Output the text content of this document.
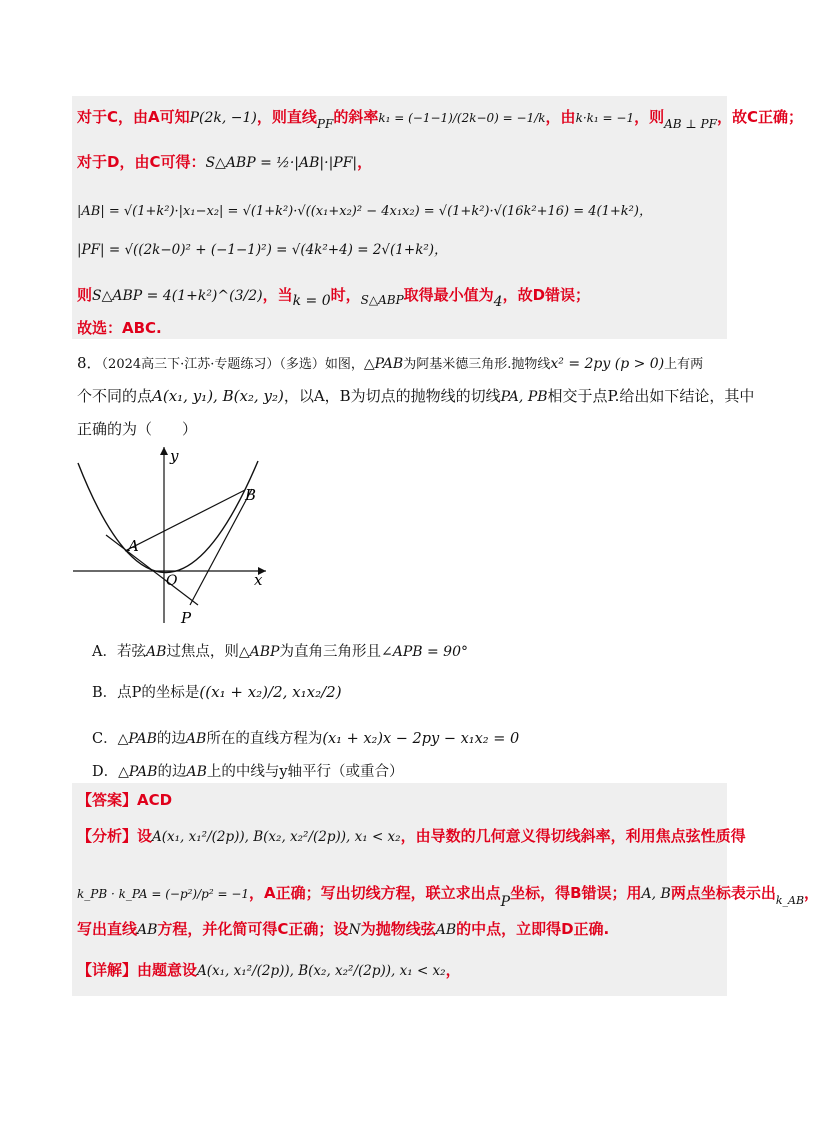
对于C，由A可知P(2k, −1)，则直线$_{PF}$的斜率k₁ = (−1−1)/(2k−0) = −1/k，由k·k₁ = −1，则$_{AB \perp PF}$，故C正确；
对于D，由C可得：S△ABP = ½·|AB|·|PF|，
|AB| = √(1+k²)·|x₁−x₂| = √(1+k²)·√((x₁+x₂)² − 4x₁x₂) = √(1+k²)·√(16k²+16) = 4(1+k²)，
|PF| = √((2k−0)² + (−1−1)²) = √(4k²+4) = 2√(1+k²)，
则S△ABP = 4(1+k²)^(3/2)，当k = 0时，$_{S\triangle ABP}$取得最小值为4，故D错误；
故选：ABC.
8．（2024高三下·江苏·专题练习）（多选）如图，△PAB为阿基米德三角形.抛物线x² = 2py (p > 0)上有两
个不同的点A(x₁, y₁), B(x₂, y₂)，以A，B为切点的抛物线的切线PA, PB相交于点P.给出如下结论，其中
正确的为（　　）
y
x
O
A
B
P
A．若弦AB过焦点，则△ABP为直角三角形且∠APB = 90°
B．点P的坐标是((x₁ + x₂)/2, x₁x₂/2)
C．△PAB的边AB所在的直线方程为(x₁ + x₂)x − 2py − x₁x₂ = 0
D．△PAB的边AB上的中线与y轴平行（或重合）
【答案】ACD
【分析】设A(x₁, x₁²/(2p)), B(x₂, x₂²/(2p)), x₁ < x₂，由导数的几何意义得切线斜率，利用焦点弦性质得
k_PB · k_PA = (−p²)/p² = −1，A正确；写出切线方程，联立求出点P坐标，得B错误；用A, B两点坐标表示出$_{k\_AB}$，
写出直线AB方程，并化简可得C正确；设N为抛物线弦AB的中点，立即得D正确.
【详解】由题意设A(x₁, x₁²/(2p)), B(x₂, x₂²/(2p)), x₁ < x₂，
